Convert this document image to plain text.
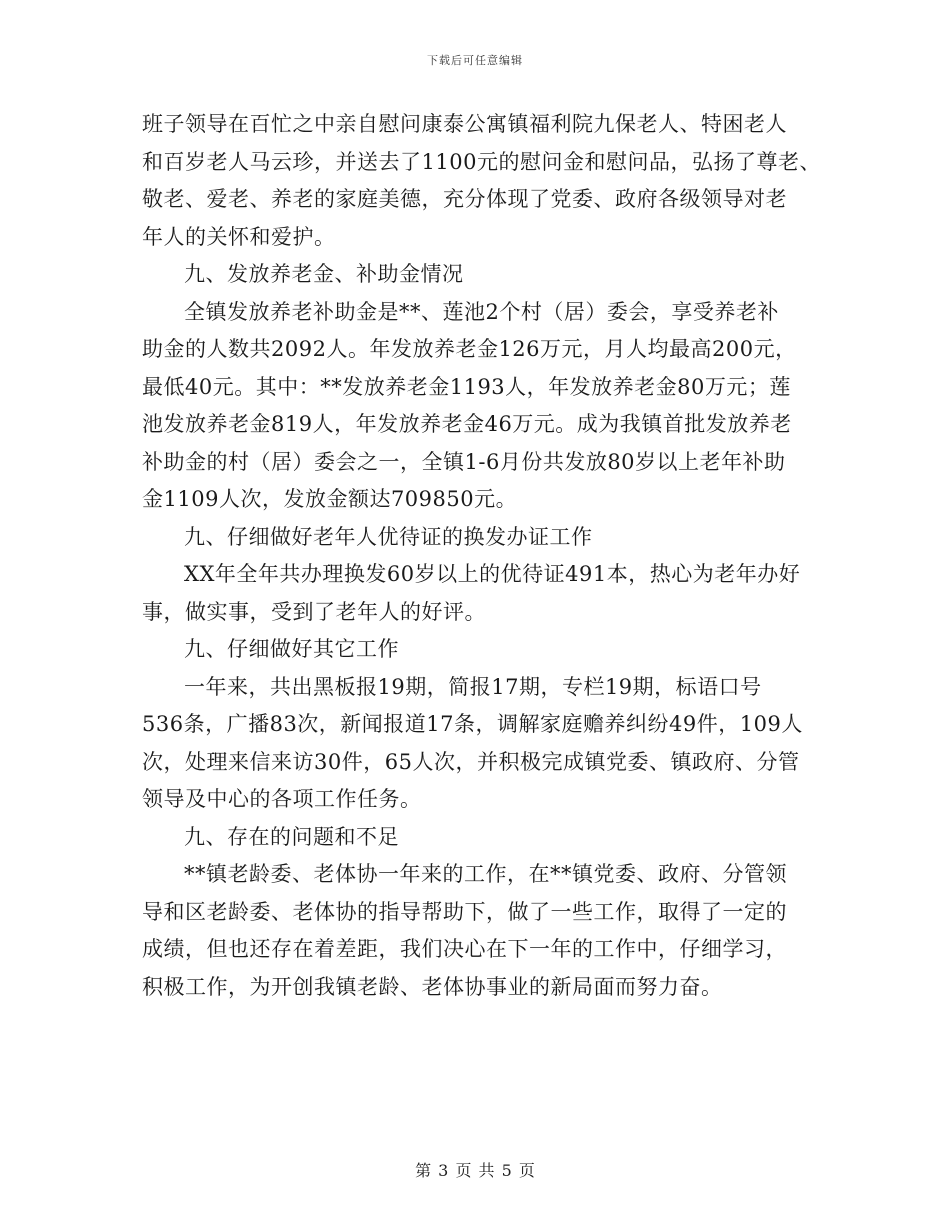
下载后可任意编辑

班子领导在百忙之中亲自慰问康泰公寓镇福利院九保老人、特困老人
和百岁老人马云珍，并送去了1100元的慰问金和慰问品，弘扬了尊老、
敬老、爱老、养老的家庭美德，充分体现了党委、政府各级领导对老
年人的关怀和爱护。

九、发放养老金、补助金情况

全镇发放养老补助金是**、莲池2个村（居）委会，享受养老补
助金的人数共2092人。年发放养老金126万元，月人均最高200元，
最低40元。其中：**发放养老金1193人，年发放养老金80万元；莲
池发放养老金819人，年发放养老金46万元。成为我镇首批发放养老
补助金的村（居）委会之一，全镇1-6月份共发放80岁以上老年补助
金1109人次，发放金额达709850元。

九、仔细做好老年人优待证的换发办证工作

XX年全年共办理换发60岁以上的优待证491本，热心为老年办好
事，做实事，受到了老年人的好评。

九、仔细做好其它工作

一年来，共出黑板报19期，简报17期，专栏19期，标语口号
536条，广播83次，新闻报道17条，调解家庭赡养纠纷49件，109人
次，处理来信来访30件，65人次，并积极完成镇党委、镇政府、分管
领导及中心的各项工作任务。

九、存在的问题和不足

**镇老龄委、老体协一年来的工作，在**镇党委、政府、分管领
导和区老龄委、老体协的指导帮助下，做了一些工作，取得了一定的
成绩，但也还存在着差距，我们决心在下一年的工作中，仔细学习，
积极工作，为开创我镇老龄、老体协事业的新局面而努力奋。

第 3 页 共 5 页
